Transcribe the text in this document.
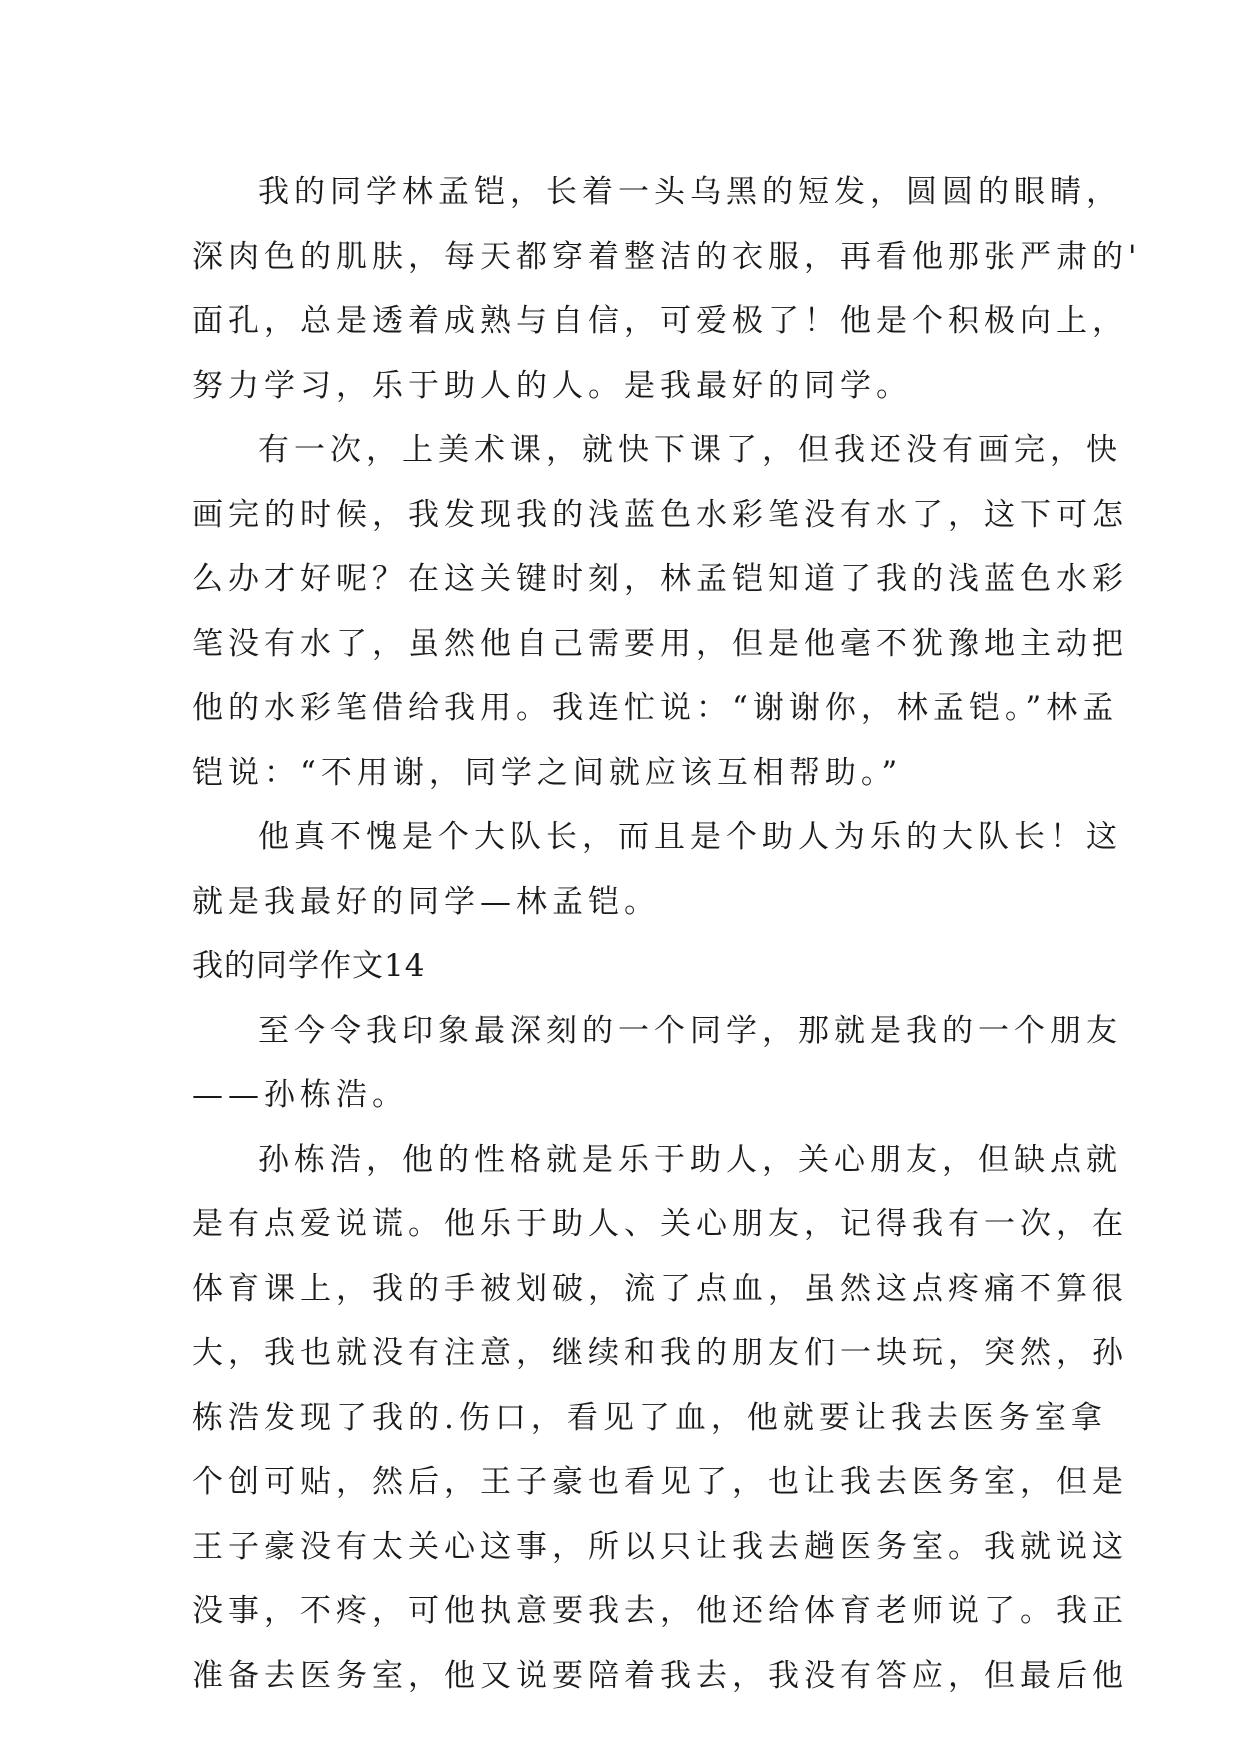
我的同学林孟铠，长着一头乌黑的短发，圆圆的眼睛，
深肉色的肌肤，每天都穿着整洁的衣服，再看他那张严肃的'
面孔，总是透着成熟与自信，可爱极了！他是个积极向上，
努力学习，乐于助人的人。是我最好的同学。
有一次，上美术课，就快下课了，但我还没有画完，快
画完的时候，我发现我的浅蓝色水彩笔没有水了，这下可怎
么办才好呢？在这关键时刻，林孟铠知道了我的浅蓝色水彩
笔没有水了，虽然他自己需要用，但是他毫不犹豫地主动把
他的水彩笔借给我用。我连忙说：“谢谢你，林孟铠。”林孟
铠说：“不用谢，同学之间就应该互相帮助。”
他真不愧是个大队长，而且是个助人为乐的大队长！这
就是我最好的同学—林孟铠。
我的同学作文14
至今令我印象最深刻的一个同学，那就是我的一个朋友
——孙栋浩。
孙栋浩，他的性格就是乐于助人，关心朋友，但缺点就
是有点爱说谎。他乐于助人、关心朋友，记得我有一次，在
体育课上，我的手被划破，流了点血，虽然这点疼痛不算很
大，我也就没有注意，继续和我的朋友们一块玩，突然，孙
栋浩发现了我的.伤口，看见了血，他就要让我去医务室拿
个创可贴，然后，王子豪也看见了，也让我去医务室，但是
王子豪没有太关心这事，所以只让我去趟医务室。我就说这
没事，不疼，可他执意要我去，他还给体育老师说了。我正
准备去医务室，他又说要陪着我去，我没有答应，但最后他
